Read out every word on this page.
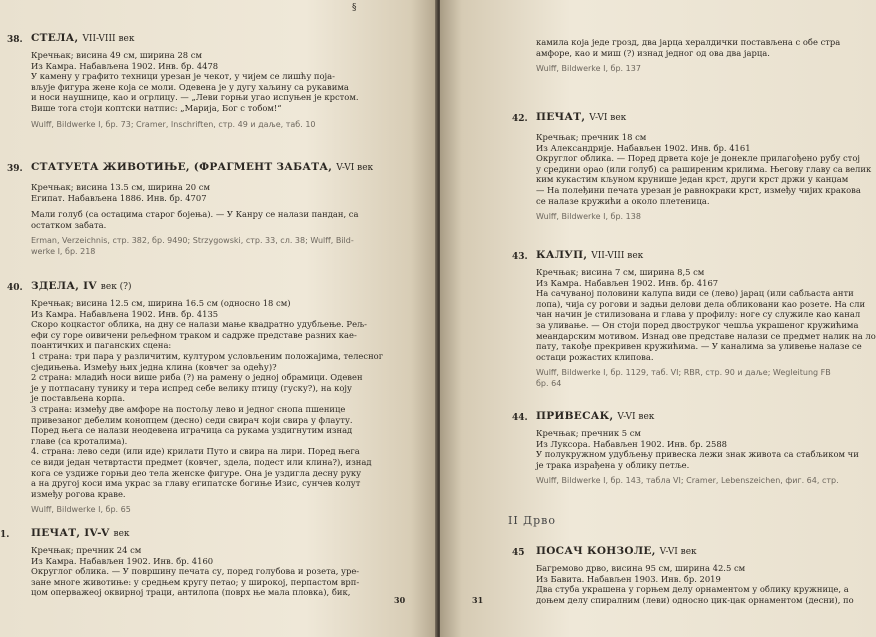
§
38. СТЕЛА, VII-VIII век
Кречњак; висина 49 см, ширина 28 см
Из Камра. Набављена 1902. Инв. бр. 4478
У камену у графито техници урезан је чекот, у чијем се лишћу поја-
вљује фигура жене која се моли. Одевена је у дугу хаљину са рукавима
и носи наушнице, као и огрлицу. — „Леви горњи угао испуњен је крстом.
Више тога стоји коптски натпис: „Марија, Бог с тобом!“
Wulff, Bildwerke I, бр. 73; Cramer, Inschriften, стр. 49 и даље, таб. 10
39. СТАТУЕТА ЖИВОТИЊЕ, (ФРАГМЕНТ ЗАБАТА, V-VI век
Кречњак; висина 13.5 см, ширина 20 см
Египат. Набављена 1886. Инв. бр. 4707
Мали голуб (са остацима старог бојења). — У Канру се налази пандан, са
остатком забата.
Erman, Verzeichnis, стр. 382, бр. 9490; Strzygowski, стр. 33, сл. 38; Wulff, Bild-
werke I, бр. 218
40. ЗДЕЛА, IV век (?)
Кречњак; висина 12.5 см, ширина 16.5 см (односно 18 см)
Из Камра. Набављена 1902. Инв. бр. 4135
Скоро коцкастог облика, на дну се налази мање квадратно удубљење. Рељ-
ефи су горе оивичени рељефном траком и садрже представе разних кае-
поантичких и паганских сцена:
1 страна: три пара у различитим, културом условљеним положајима, телесног
сједињења. Између њих једна клина (ковчег за одећу)?
2 страна: младић носи више риба (?) на рамену о једној обрамици. Одевен
је у потпасану тунику и тера испред себе велику птицу (гуску?), на коју
је постављена корпа.
3 страна: између две амфоре на постољу лево и једног снопа пшенице
привезаног дебелим конопцем (десно) седи свирач који свира у флауту.
Поред њега се налази неодевена играчица са рукама уздигнутим изнад
главе (са кроталима).
4. страна: лево седи (или иде) крилати Путо и свира на лири. Поред њега
се види један четвртасти предмет (ковчег, здела, подест или клина?), изнад
кога се уздиже горњи део тела женске фигуре. Она је уздигла десну руку
а на другој коси има украс за главу египатске богиње Изис, сунчев колут
између рогова краве.
Wulff, Bildwerke I, бр. 65
1. ПЕЧАТ, IV-V век
Кречњак; пречник 24 см
Из Камра. Набављен 1902. Инв. бр. 4160
Округлог облика. — У површину печата су, поред голубова и розета, уре-
зане многе животиње: у средњем кругу петао; у широкој, перпастом врп-
цом оперважеој оквирној траци, антилопа (поврх ње мала пловка), бик,
30
камила која једе грозд, два јарца хералдички постављена с обе стра
амфоре, као и миш (?) изнад једног од ова два јарца.
Wulff, Bildwerke I, бр. 137
42. ПЕЧАТ, V-VI век
Кречњак; пречник 18 см
Из Александрије. Набављен 1902. Инв. бр. 4161
Округлог облика. — Поред дрвета које је донекле прилагођено рубу стој
у средини орао (или голуб) са раширеним крилима. Његову главу са велик
ким кукастим кљуном крунише један крст, други крст држи у канџам
— На полеђини печата урезан је равнокраки крст, између чијих кракова
се налазе кружићи а около плетеница.
Wulff, Bildwerke I, бр. 138
43. КАЛУП, VII-VIII век
Кречњак; висина 7 см, ширина 8,5 см
Из Камра. Набављен 1902. Инв. бр. 4167
На сачуваној половини калупа види се (лево) јарац (или сабљаста анти
лопа), чија су рогови и задњи делови дела обликовани као розете. На сли
чан начин је стилизована и глава у профилу: ноге су служиле као канал
за уливање. — Он стоји поред двоструког чешља украшеног кружићима
меандарским мотивом. Изнад ове представе налази се предмет налик на ло
пату, такође прекривен кружићима. — У каналима за уливење налазе се
остаци рожастих клипова.
Wulff, Bildwerke I, бр. 1129, таб. VI; RBR, стр. 90 и даље; Wegleitung FB
бр. 64
44. ПРИВЕСАК, V-VI век
Кречњак; пречник 5 см
Из Луксора. Набављен 1902. Инв. бр. 2588
У полукружном удубљењу привеска лежи знак живота са стабљиком чи
је трака израђена у облику петље.
Wulff, Bildwerke I, бр. 143, табла VI; Cramer, Lebenszeichen, фиг. 64, стр.
II Дрво
45 ПОСАЧ КОНЗОЛЕ, V-VI век
Багремово дрво, висина 95 см, ширина 42.5 см
Из Бавита. Набављен 1903. Инв. бр. 2019
Два стуба украшена у горњем делу орнаментом у облику кружнице, а
доњем делу спиралним (леви) односно цик-цак орнаментом (десни), по
31
